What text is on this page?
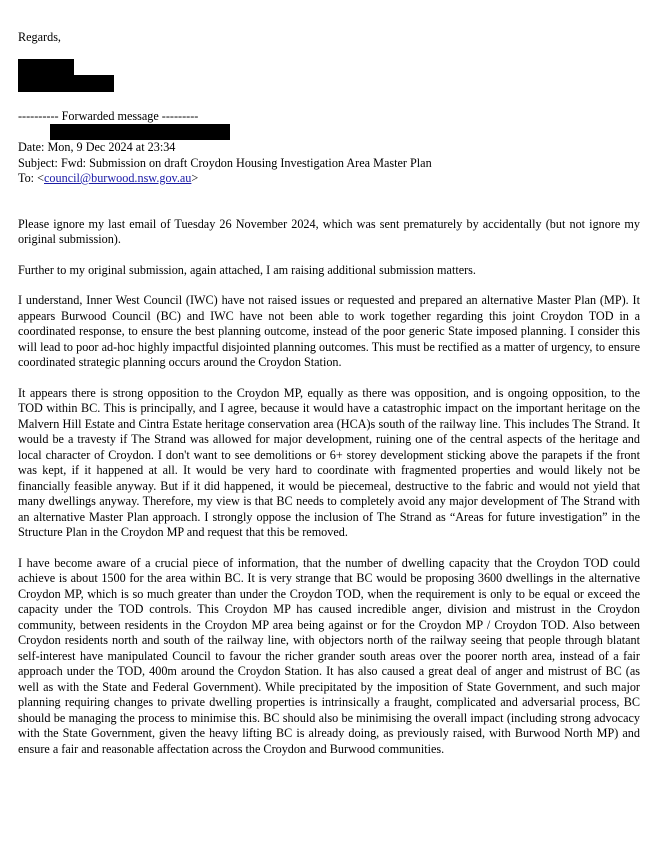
Regards,
---------- Forwarded message ---------
Date: Mon, 9 Dec 2024 at 23:34
Subject: Fwd: Submission on draft Croydon Housing Investigation Area Master Plan
To: <council@burwood.nsw.gov.au>

Please ignore my last email of Tuesday 26 November 2024, which was sent prematurely by accidentally (but not ignore my original submission).

Further to my original submission, again attached, I am raising additional submission matters.

I understand, Inner West Council (IWC) have not raised issues or requested and prepared an alternative Master Plan (MP). It appears Burwood Council (BC) and IWC have not been able to work together regarding this joint Croydon TOD in a coordinated response, to ensure the best planning outcome, instead of the poor generic State imposed planning. I consider this will lead to poor ad-hoc highly impactful disjointed planning outcomes. This must be rectified as a matter of urgency, to ensure coordinated strategic planning occurs around the Croydon Station.

It appears there is strong opposition to the Croydon MP, equally as there was opposition, and is ongoing opposition, to the TOD within BC. This is principally, and I agree, because it would have a catastrophic impact on the important heritage on the Malvern Hill Estate and Cintra Estate heritage conservation area (HCA)s south of the railway line. This includes The Strand. It would be a travesty if The Strand was allowed for major development, ruining one of the central aspects of the heritage and local character of Croydon. I don't want to see demolitions or 6+ storey development sticking above the parapets if the front was kept, if it happened at all. It would be very hard to coordinate with fragmented properties and would likely not be financially feasible anyway. But if it did happened, it would be piecemeal, destructive to the fabric and would not yield that many dwellings anyway. Therefore, my view is that BC needs to completely avoid any major development of The Strand with an alternative Master Plan approach. I strongly oppose the inclusion of The Strand as “Areas for future investigation” in the Structure Plan in the Croydon MP and request that this be removed.

I have become aware of a crucial piece of information, that the number of dwelling capacity that the Croydon TOD could achieve is about 1500 for the area within BC. It is very strange that BC would be proposing 3600 dwellings in the alternative Croydon MP, which is so much greater than under the Croydon TOD, when the requirement is only to be equal or exceed the capacity under the TOD controls. This Croydon MP has caused incredible anger, division and mistrust in the Croydon community, between residents in the Croydon MP area being against or for the Croydon MP / Croydon TOD. Also between Croydon residents north and south of the railway line, with objectors north of the railway seeing that people through blatant self-interest have manipulated Council to favour the richer grander south areas over the poorer north area, instead of a fair approach under the TOD, 400m around the Croydon Station. It has also caused a great deal of anger and mistrust of BC (as well as with the State and Federal Government). While precipitated by the imposition of State Government, and such major planning requiring changes to private dwelling properties is intrinsically a fraught, complicated and adversarial process, BC should be managing the process to minimise this. BC should also be minimising the overall impact (including strong advocacy with the State Government, given the heavy lifting BC is already doing, as previously raised, with Burwood North MP) and ensure a fair and reasonable affectation across the Croydon and Burwood communities.
